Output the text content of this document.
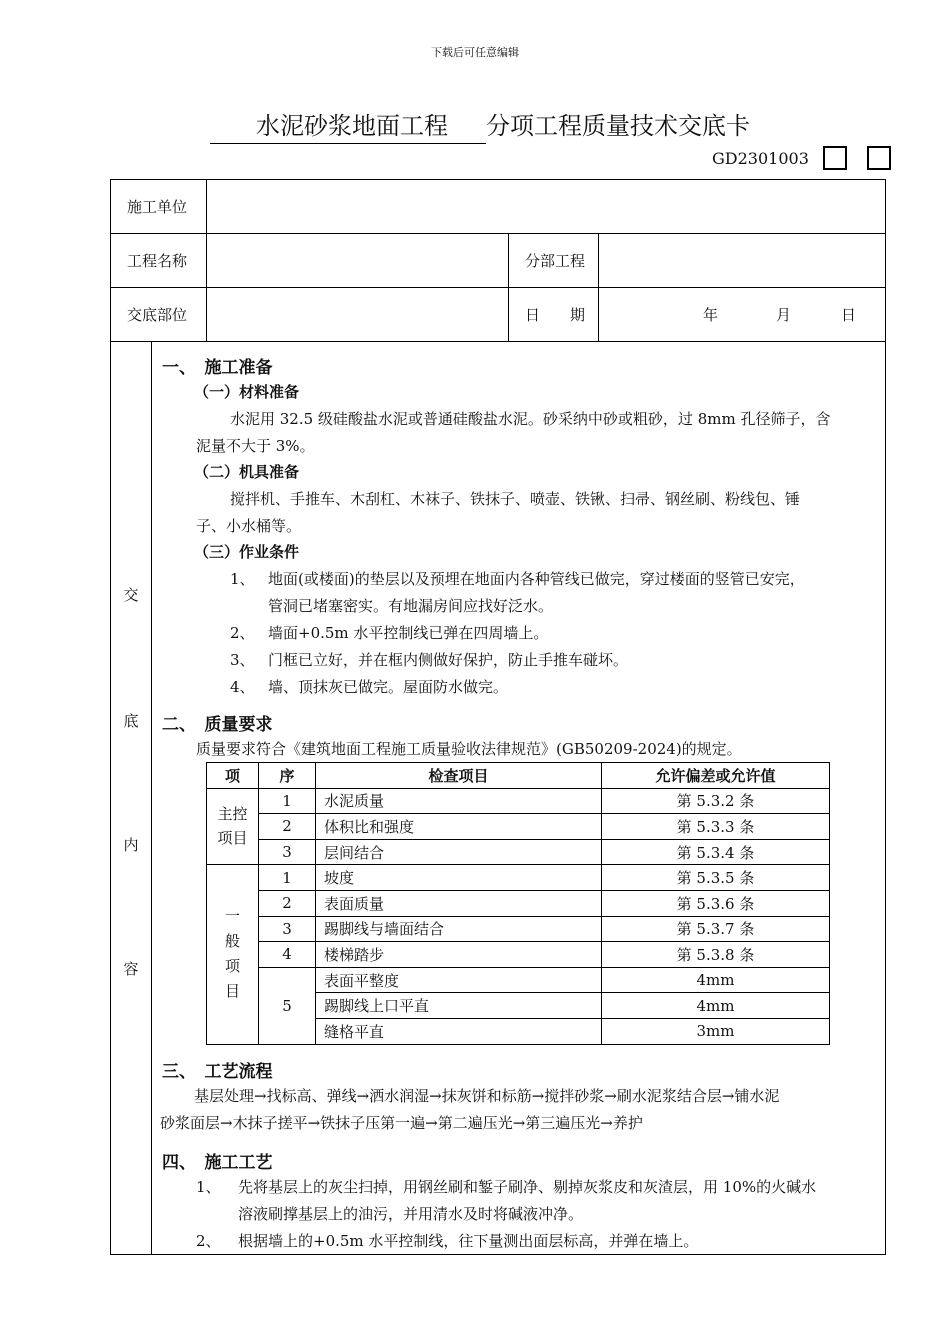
下载后可任意编辑
水泥砂浆地面工程 分项工程质量技术交底卡
GD2301003
施工单位
工程名称	分部工程
交底部位	日　　期	年	月	日
交
底
内
容
一、　施工准备
（一）材料准备
水泥用 32.5 级硅酸盐水泥或普通硅酸盐水泥。砂采纳中砂或粗砂，过 8mm 孔径筛子，含
泥量不大于 3%。
（二）机具准备
搅拌机、手推车、木刮杠、木袜子、铁抹子、喷壶、铁锹、扫帚、钢丝刷、粉线包、锤
子、小水桶等。
（三）作业条件
1、 地面(或楼面)的垫层以及预埋在地面内各种管线已做完，穿过楼面的竖管已安完，
管洞已堵塞密实。有地漏房间应找好泛水。
2、 墙面+0.5m 水平控制线已弹在四周墙上。
3、 门框已立好，并在框内侧做好保护，防止手推车碰坏。
4、 墙、顶抹灰已做完。屋面防水做完。
二、　质量要求
质量要求符合《建筑地面工程施工质量验收法律规范》(GB50209-2024)的规定。
项	序	检查项目	允许偏差或允许值
主控项目	1	水泥质量	第 5.3.2 条
	2	体积比和强度	第 5.3.3 条
	3	层间结合	第 5.3.4 条
一般项目	1	坡度	第 5.3.5 条
	2	表面质量	第 5.3.6 条
	3	踢脚线与墙面结合	第 5.3.7 条
	4	楼梯踏步	第 5.3.8 条
	5	表面平整度	4mm
		踢脚线上口平直	4mm
		缝格平直	3mm
三、　工艺流程
基层处理→找标高、弹线→洒水润湿→抹灰饼和标筋→搅拌砂浆→刷水泥浆结合层→铺水泥
砂浆面层→木抹子搓平→铁抹子压第一遍→第二遍压光→第三遍压光→养护
四、　施工工艺
1、 先将基层上的灰尘扫掉，用钢丝刷和錾子刷净、剔掉灰浆皮和灰渣层，用 10%的火碱水
溶液刷撑基层上的油污，并用清水及时将碱液冲净。
2、 根据墙上的+0.5m 水平控制线，往下量测出面层标高，并弹在墙上。
